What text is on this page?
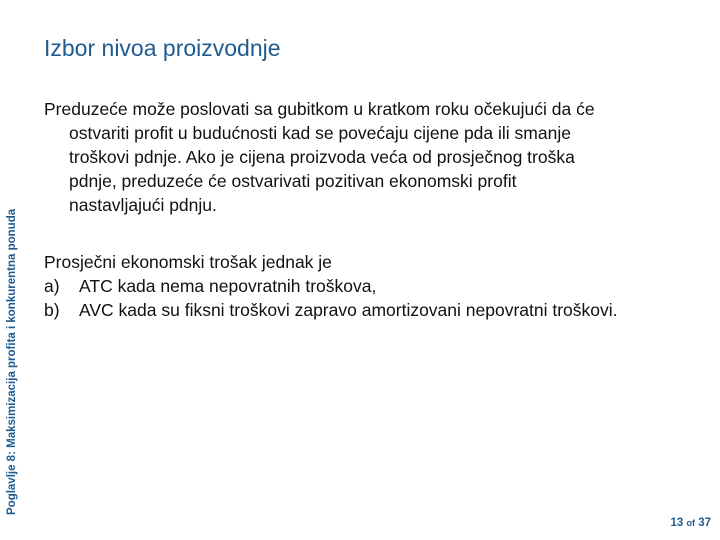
Poglavlje 8: Maksimizacija profita i konkurentna ponuda
Izbor nivoa proizvodnje
Preduzeće može poslovati sa gubitkom u kratkom roku očekujući da će
ostvariti profit u budućnosti kad se povećaju cijene pda ili smanje
troškovi pdnje. Ako je cijena proizvoda veća od prosječnog troška
pdnje, preduzeće će ostvarivati pozitivan ekonomski profit
nastavljajući pdnju.
Prosječni ekonomski trošak jednak je
a)	ATC kada nema nepovratnih troškova,
b)	AVC kada su fiksni troškovi zapravo amortizovani nepovratni troškovi.
13 of 37
